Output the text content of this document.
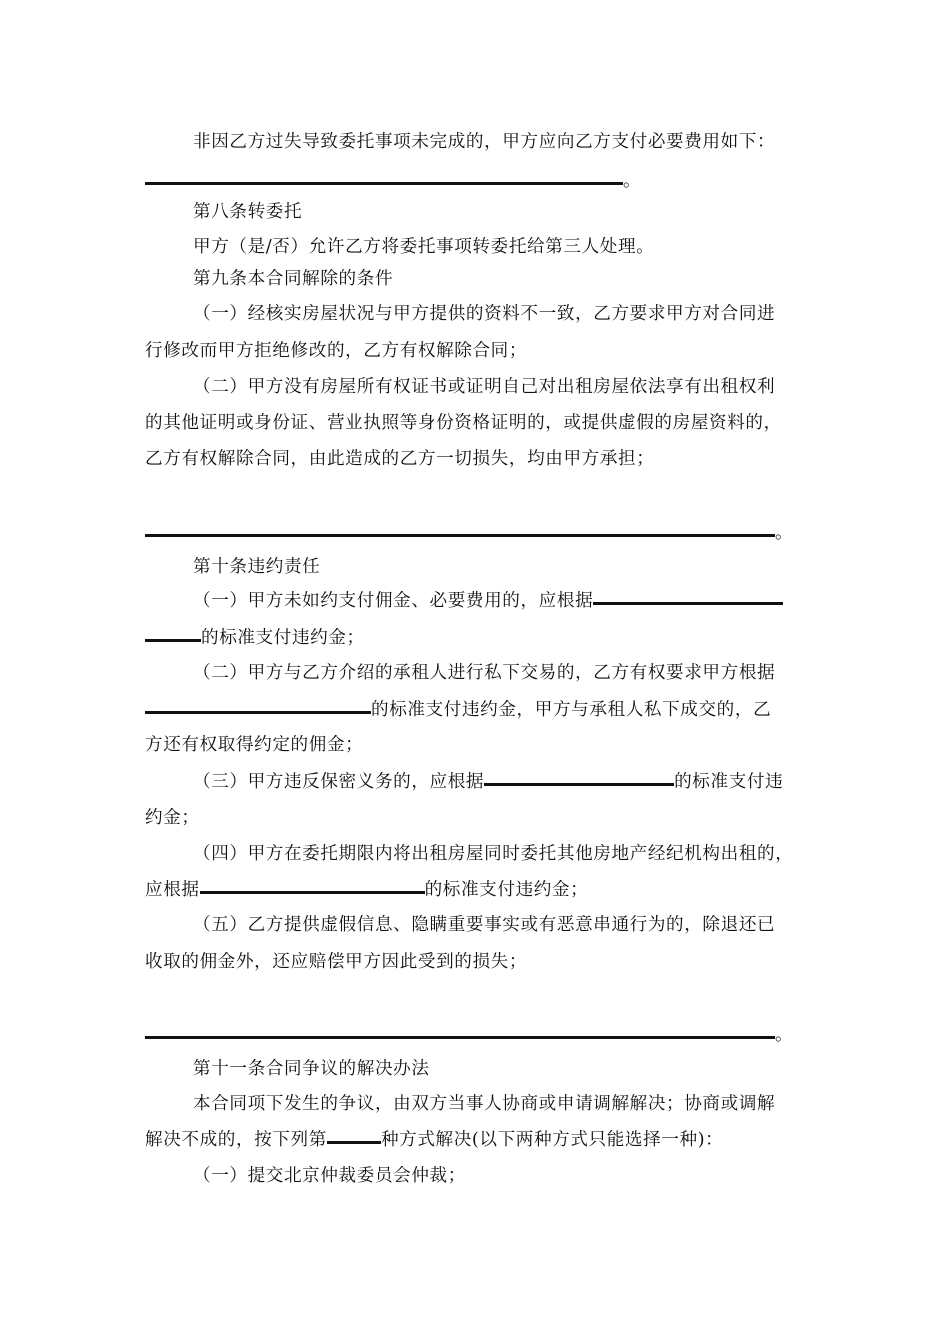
非因乙方过失导致委托事项未完成的，甲方应向乙方支付必要费用如下：
。
第八条转委托
甲方（是/否）允许乙方将委托事项转委托给第三人处理。
第九条本合同解除的条件
（一）经核实房屋状况与甲方提供的资料不一致，乙方要求甲方对合同进
行修改而甲方拒绝修改的，乙方有权解除合同；
（二）甲方没有房屋所有权证书或证明自己对出租房屋依法享有出租权利
的其他证明或身份证、营业执照等身份资格证明的，或提供虚假的房屋资料的，
乙方有权解除合同，由此造成的乙方一切损失，均由甲方承担；
。
第十条违约责任
（一）甲方未如约支付佣金、必要费用的，应根据
的标准支付违约金；
（二）甲方与乙方介绍的承租人进行私下交易的，乙方有权要求甲方根据
的标准支付违约金，甲方与承租人私下成交的，乙
方还有权取得约定的佣金；
（三）甲方违反保密义务的，应根据	的标准支付违
约金；
（四）甲方在委托期限内将出租房屋同时委托其他房地产经纪机构出租的，
应根据	的标准支付违约金；
（五）乙方提供虚假信息、隐瞒重要事实或有恶意串通行为的，除退还已
收取的佣金外，还应赔偿甲方因此受到的损失；
。
第十一条合同争议的解决办法
本合同项下发生的争议，由双方当事人协商或申请调解解决；协商或调解
解决不成的，按下列第	种方式解决(以下两种方式只能选择一种)：
（一）提交北京仲裁委员会仲裁；
